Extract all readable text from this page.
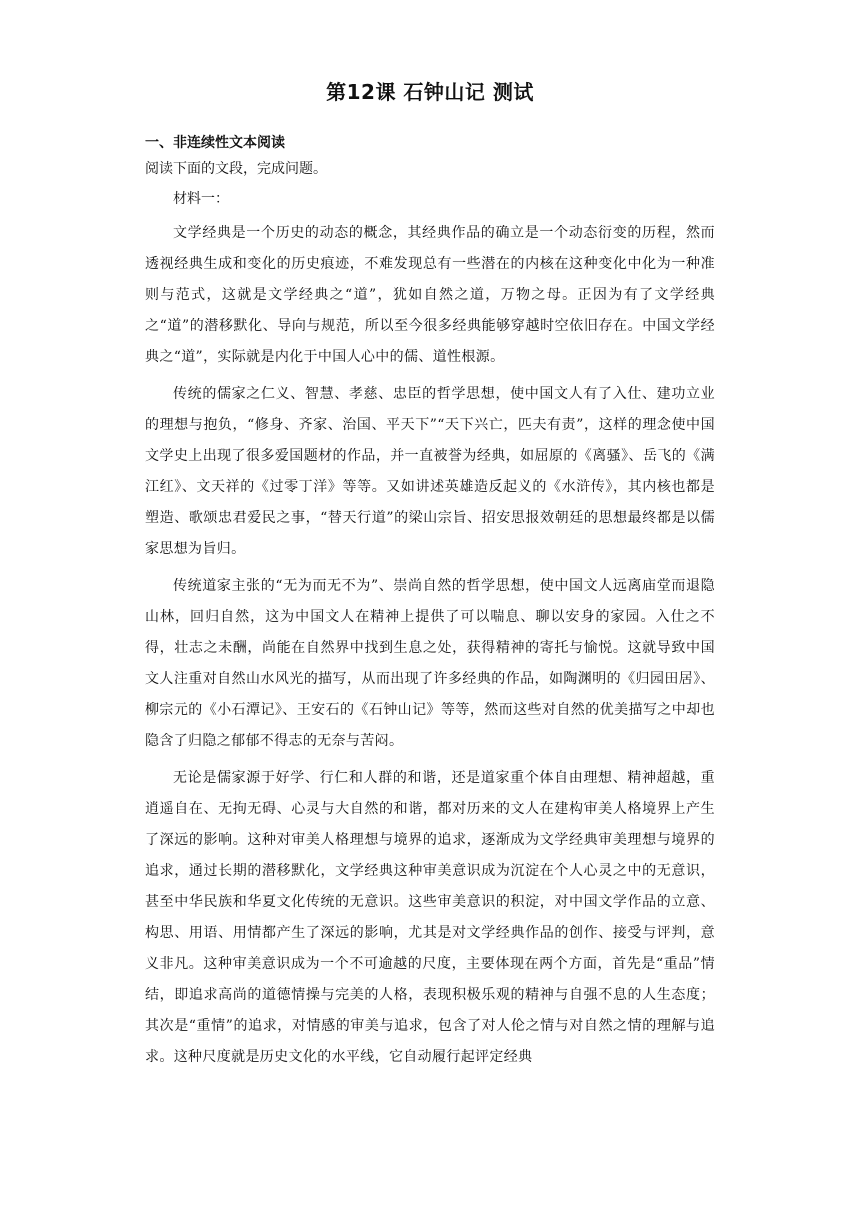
第12课 石钟山记 测试

一、非连续性文本阅读

阅读下面的文段，完成问题。

材料一：

文学经典是一个历史的动态的概念，其经典作品的确立是一个动态衍变的历程，然而透视经典生成和变化的历史痕迹，不难发现总有一些潜在的内核在这种变化中化为一种准则与范式，这就是文学经典之“道”，犹如自然之道，万物之母。正因为有了文学经典之“道”的潜移默化、导向与规范，所以至今很多经典能够穿越时空依旧存在。中国文学经典之“道”，实际就是内化于中国人心中的儒、道性根源。

传统的儒家之仁义、智慧、孝慈、忠臣的哲学思想，使中国文人有了入仕、建功立业的理想与抱负，“修身、齐家、治国、平天下”“天下兴亡，匹夫有责”，这样的理念使中国文学史上出现了很多爱国题材的作品，并一直被誉为经典，如屈原的《离骚》、岳飞的《满江红》、文天祥的《过零丁洋》等等。又如讲述英雄造反起义的《水浒传》，其内核也都是塑造、歌颂忠君爱民之事，“替天行道”的梁山宗旨、招安思报效朝廷的思想最终都是以儒家思想为旨归。

传统道家主张的“无为而无不为”、崇尚自然的哲学思想，使中国文人远离庙堂而退隐山林，回归自然，这为中国文人在精神上提供了可以喘息、聊以安身的家园。入仕之不得，壮志之未酬，尚能在自然界中找到生息之处，获得精神的寄托与愉悦。这就导致中国文人注重对自然山水风光的描写，从而出现了许多经典的作品，如陶渊明的《归园田居》、柳宗元的《小石潭记》、王安石的《石钟山记》等等，然而这些对自然的优美描写之中却也隐含了归隐之郁郁不得志的无奈与苦闷。

无论是儒家源于好学、行仁和人群的和谐，还是道家重个体自由理想、精神超越，重逍遥自在、无拘无碍、心灵与大自然的和谐，都对历来的文人在建构审美人格境界上产生了深远的影响。这种对审美人格理想与境界的追求，逐渐成为文学经典审美理想与境界的追求，通过长期的潜移默化，文学经典这种审美意识成为沉淀在个人心灵之中的无意识，甚至中华民族和华夏文化传统的无意识。这些审美意识的积淀，对中国文学作品的立意、构思、用语、用情都产生了深远的影响，尤其是对文学经典作品的创作、接受与评判，意义非凡。这种审美意识成为一个不可逾越的尺度，主要体现在两个方面，首先是“重品”情结，即追求高尚的道德情操与完美的人格，表现积极乐观的精神与自强不息的人生态度；其次是“重情”的追求，对情感的审美与追求，包含了对人伦之情与对自然之情的理解与追求。这种尺度就是历史文化的水平线，它自动履行起评定经典
